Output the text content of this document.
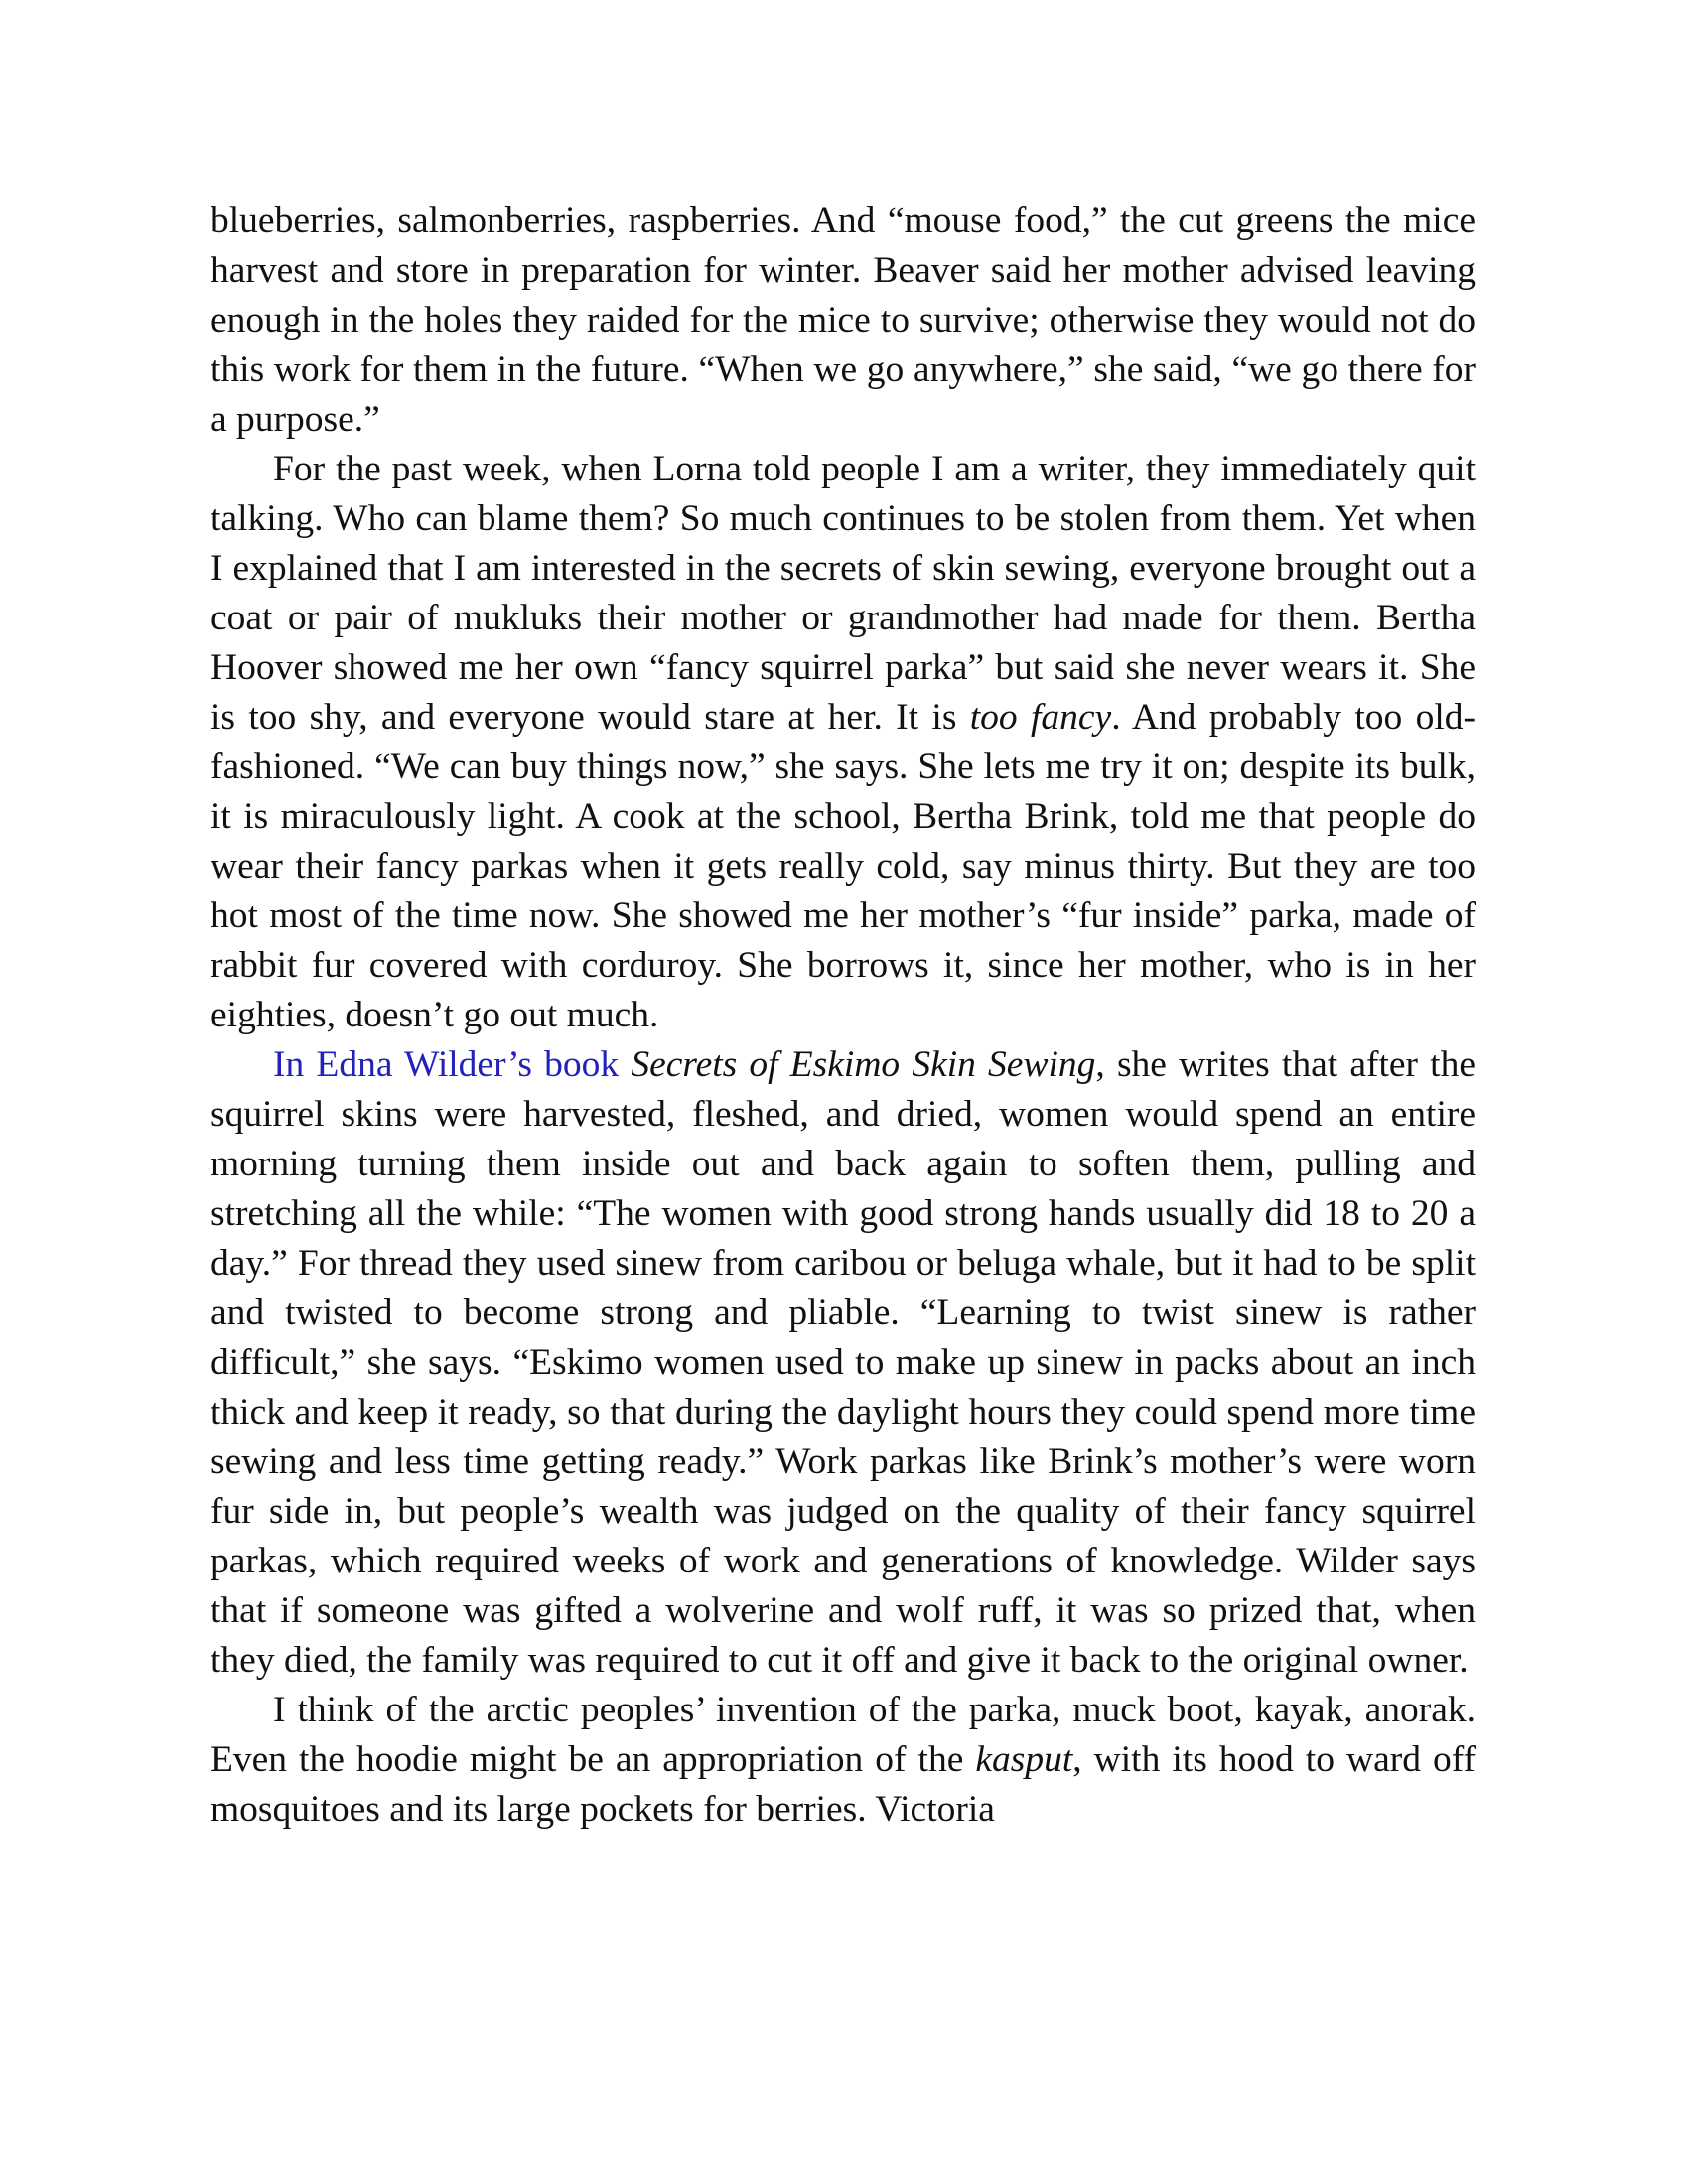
blueberries, salmonberries, raspberries. And “mouse food,” the cut greens the mice harvest and store in preparation for winter. Beaver said her mother advised leaving enough in the holes they raided for the mice to survive; otherwise they would not do this work for them in the future. “When we go anywhere,” she said, “we go there for a purpose.”

For the past week, when Lorna told people I am a writer, they immediately quit talking. Who can blame them? So much continues to be stolen from them. Yet when I explained that I am interested in the secrets of skin sewing, everyone brought out a coat or pair of mukluks their mother or grandmother had made for them. Bertha Hoover showed me her own “fancy squirrel parka” but said she never wears it. She is too shy, and everyone would stare at her. It is too fancy. And probably too old-fashioned. “We can buy things now,” she says. She lets me try it on; despite its bulk, it is miraculously light. A cook at the school, Bertha Brink, told me that people do wear their fancy parkas when it gets really cold, say minus thirty. But they are too hot most of the time now. She showed me her mother’s “fur inside” parka, made of rabbit fur covered with corduroy. She borrows it, since her mother, who is in her eighties, doesn’t go out much.

In Edna Wilder’s book Secrets of Eskimo Skin Sewing, she writes that after the squirrel skins were harvested, fleshed, and dried, women would spend an entire morning turning them inside out and back again to soften them, pulling and stretching all the while: “The women with good strong hands usually did 18 to 20 a day.” For thread they used sinew from caribou or beluga whale, but it had to be split and twisted to become strong and pliable. “Learning to twist sinew is rather difficult,” she says. “Eskimo women used to make up sinew in packs about an inch thick and keep it ready, so that during the daylight hours they could spend more time sewing and less time getting ready.” Work parkas like Brink’s mother’s were worn fur side in, but people’s wealth was judged on the quality of their fancy squirrel parkas, which required weeks of work and generations of knowledge. Wilder says that if someone was gifted a wolverine and wolf ruff, it was so prized that, when they died, the family was required to cut it off and give it back to the original owner.

I think of the arctic peoples’ invention of the parka, muck boot, kayak, anorak. Even the hoodie might be an appropriation of the kasput, with its hood to ward off mosquitoes and its large pockets for berries. Victoria
